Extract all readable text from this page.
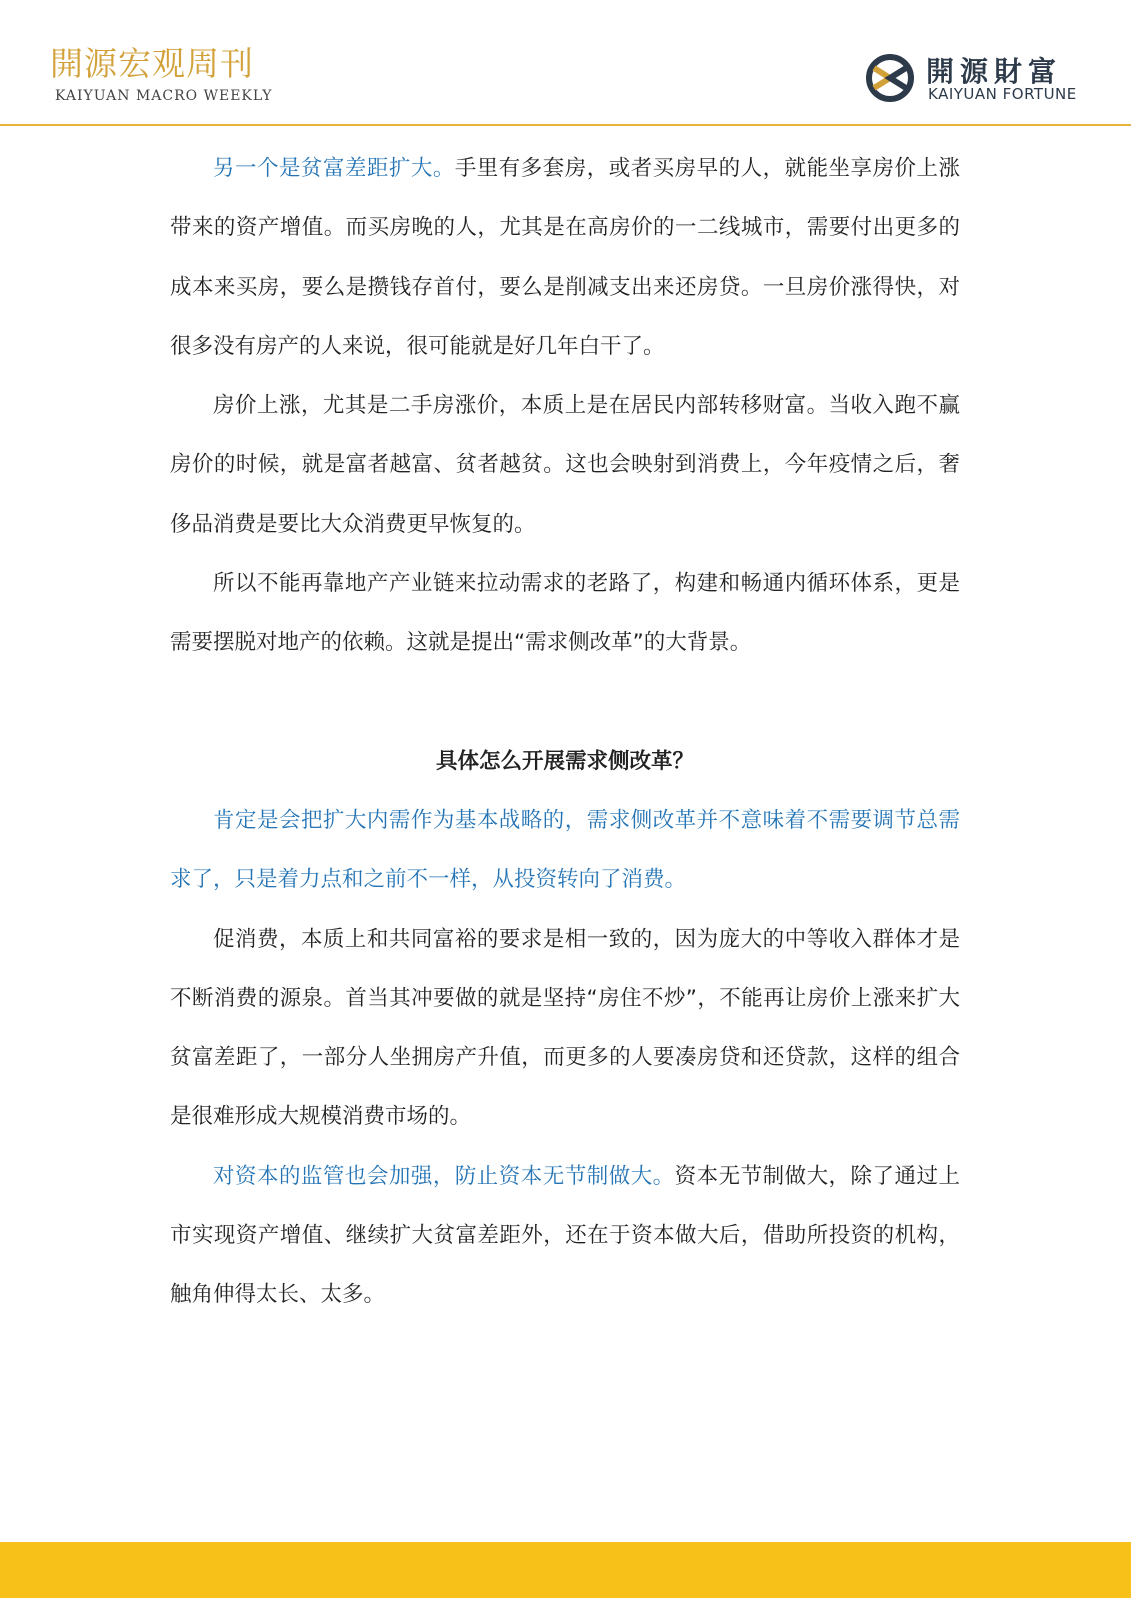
開源宏观周刊
KAIYUAN MACRO WEEKLY
開源財富
KAIYUAN FORTUNE

另一个是贫富差距扩大。手里有多套房，或者买房早的人，就能坐享房价上涨带来的资产增值。而买房晚的人，尤其是在高房价的一二线城市，需要付出更多的成本来买房，要么是攒钱存首付，要么是削减支出来还房贷。一旦房价涨得快，对很多没有房产的人来说，很可能就是好几年白干了。

房价上涨，尤其是二手房涨价，本质上是在居民内部转移财富。当收入跑不赢房价的时候，就是富者越富、贫者越贫。这也会映射到消费上，今年疫情之后，奢侈品消费是要比大众消费更早恢复的。

所以不能再靠地产产业链来拉动需求的老路了，构建和畅通内循环体系，更是需要摆脱对地产的依赖。这就是提出“需求侧改革”的大背景。

具体怎么开展需求侧改革？

肯定是会把扩大内需作为基本战略的，需求侧改革并不意味着不需要调节总需求了，只是着力点和之前不一样，从投资转向了消费。

促消费，本质上和共同富裕的要求是相一致的，因为庞大的中等收入群体才是不断消费的源泉。首当其冲要做的就是坚持“房住不炒”，不能再让房价上涨来扩大贫富差距了，一部分人坐拥房产升值，而更多的人要凑房贷和还贷款，这样的组合是很难形成大规模消费市场的。

对资本的监管也会加强，防止资本无节制做大。资本无节制做大，除了通过上市实现资产增值、继续扩大贫富差距外，还在于资本做大后，借助所投资的机构，触角伸得太长、太多。
